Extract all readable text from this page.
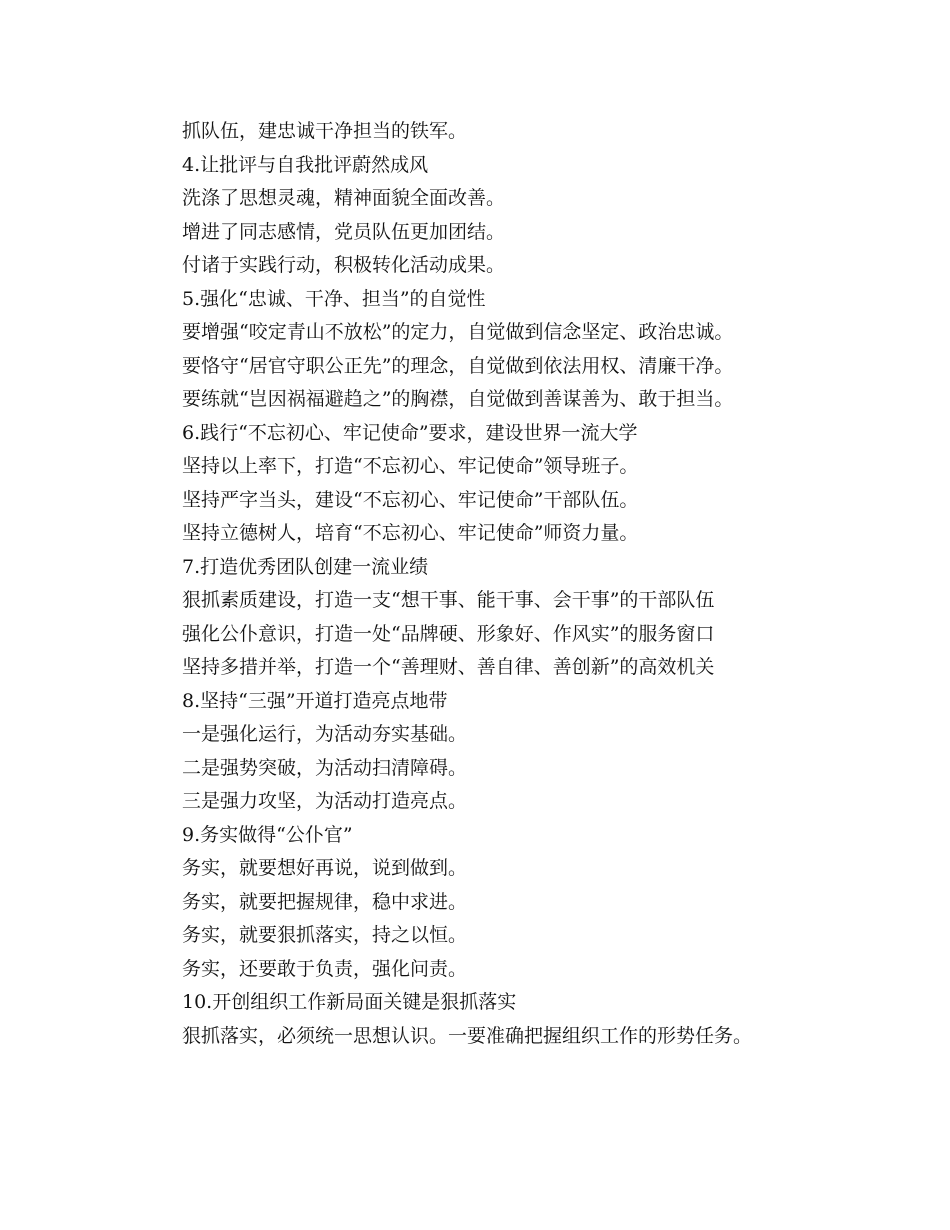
抓队伍，建忠诚干净担当的铁军。

4.让批评与自我批评蔚然成风

洗涤了思想灵魂，精神面貌全面改善。

增进了同志感情，党员队伍更加团结。

付诸于实践行动，积极转化活动成果。

5.强化“忠诚、干净、担当”的自觉性

要增强“咬定青山不放松”的定力，自觉做到信念坚定、政治忠诚。

要恪守“居官守职公正先”的理念，自觉做到依法用权、清廉干净。

要练就“岂因祸福避趋之”的胸襟，自觉做到善谋善为、敢于担当。

6.践行“不忘初心、牢记使命”要求，建设世界一流大学

坚持以上率下，打造“不忘初心、牢记使命”领导班子。

坚持严字当头，建设“不忘初心、牢记使命”干部队伍。

坚持立德树人，培育“不忘初心、牢记使命”师资力量。

7.打造优秀团队创建一流业绩

狠抓素质建设，打造一支“想干事、能干事、会干事”的干部队伍

强化公仆意识，打造一处“品牌硬、形象好、作风实”的服务窗口

坚持多措并举，打造一个“善理财、善自律、善创新”的高效机关

8.坚持“三强”开道打造亮点地带

一是强化运行，为活动夯实基础。

二是强势突破，为活动扫清障碍。

三是强力攻坚，为活动打造亮点。

9.务实做得“公仆官”

务实，就要想好再说，说到做到。

务实，就要把握规律，稳中求进。

务实，就要狠抓落实，持之以恒。

务实，还要敢于负责，强化问责。

10.开创组织工作新局面关键是狠抓落实

狠抓落实，必须统一思想认识。一要准确把握组织工作的形势任务。
